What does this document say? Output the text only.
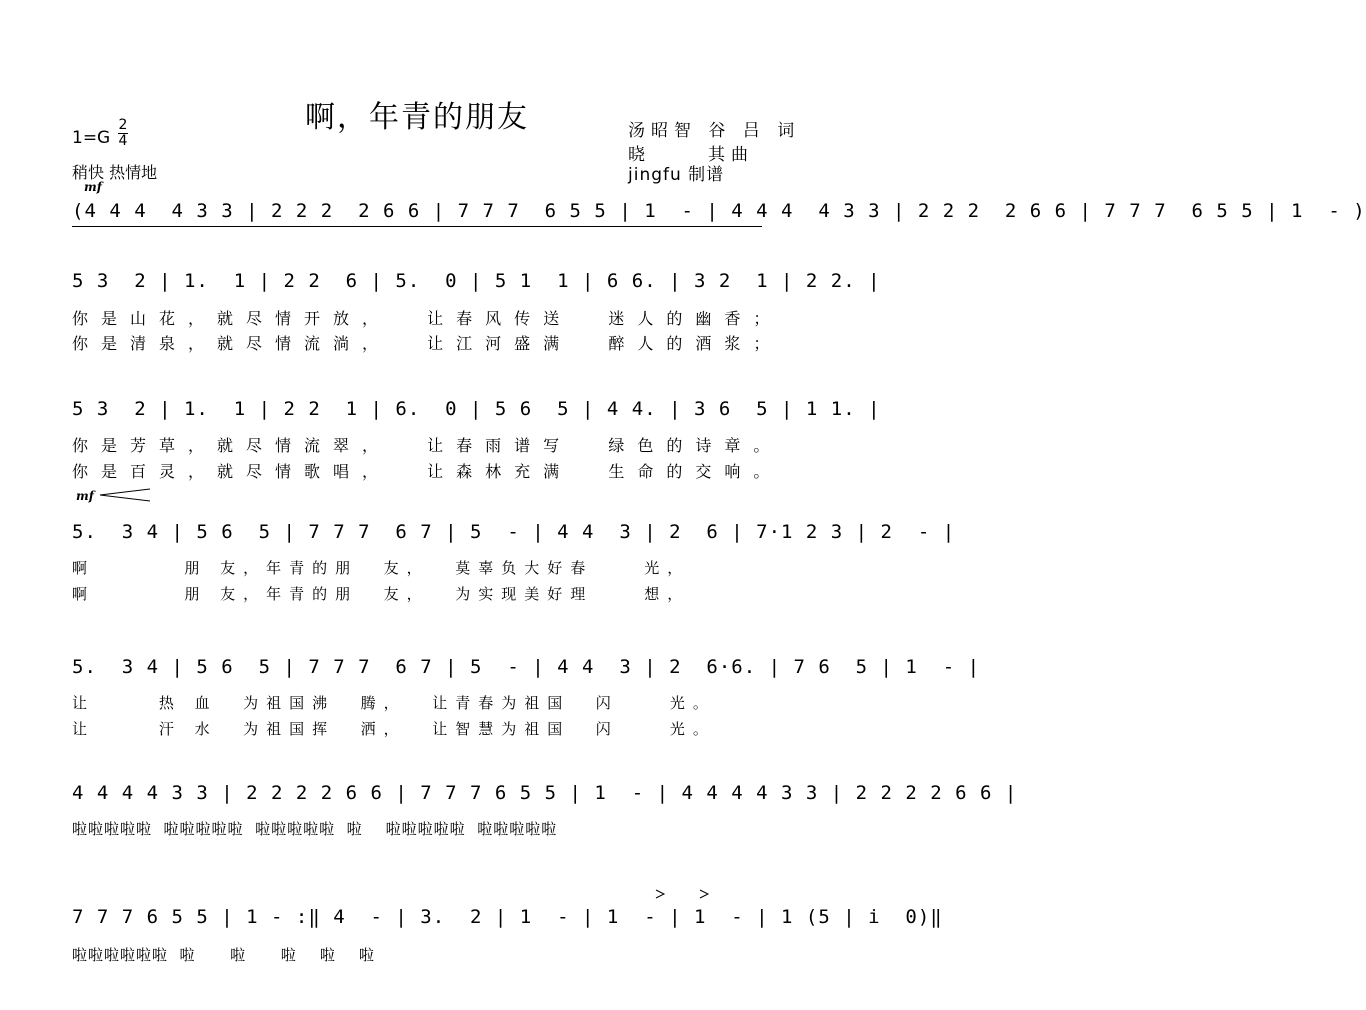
啊，年青的朋友	汤昭智 谷 吕 词
晓     其曲
jingfu 制谱
1=G
2
4
稍快 热情地
mf
(4 4 4  4 3 3 | 2 2 2  2 6 6 | 7 7 7  6 5 5 | 1  - | 4 4 4  4 3 3 | 2 2 2  2 6 6 | 7 7 7  6 5 5 | 1  - )
5 3  2 | 1.  1 | 2 2  6 | 5.  0 | 5 1  1 | 6 6. | 3 2  1 | 2 2. |
你是山花，就尽情开放，  让春风传送  迷人的幽香；
你是清泉，就尽情流淌，  让江河盛满  醉人的酒浆；
5 3  2 | 1.  1 | 2 2  1 | 6.  0 | 5 6  5 | 4 4. | 3 6  5 | 1 1. |
你是芳草，就尽情流翠，  让春雨谱写  绿色的诗章。
你是百灵，就尽情歌唱，  让森林充满  生命的交响。
mf
5.  3 4 | 5 6  5 | 7 7 7  6 7 | 5  - | 4 4  3 | 2  6 | 7·1 2 3 | 2  - |
啊       朋 友，年青的朋  友，  莫辜负大好春    光，
啊       朋 友，年青的朋  友，  为实现美好理    想，
5.  3 4 | 5 6  5 | 7 7 7  6 7 | 5  - | 4 4  3 | 2  6·6. | 7 6  5 | 1  - |
让     热 血  为祖国沸  腾，  让青春为祖国  闪    光。
让     汗 水  为祖国挥  洒，  让智慧为祖国  闪    光。
4 4 4 4 3 3 | 2 2 2 2 6 6 | 7 7 7 6 5 5 | 1  - | 4 4 4 4 3 3 | 2 2 2 2 6 6 |
啦啦啦啦啦  啦啦啦啦啦  啦啦啦啦啦  啦    啦啦啦啦啦  啦啦啦啦啦
7 7 7 6 5 5 | 1 - :‖ 4  - | 3.  2 | 1  - | 1  - | 1  - | 1 (5 | i  0)‖
啦啦啦啦啦啦  啦      啦      啦    啦    啦
